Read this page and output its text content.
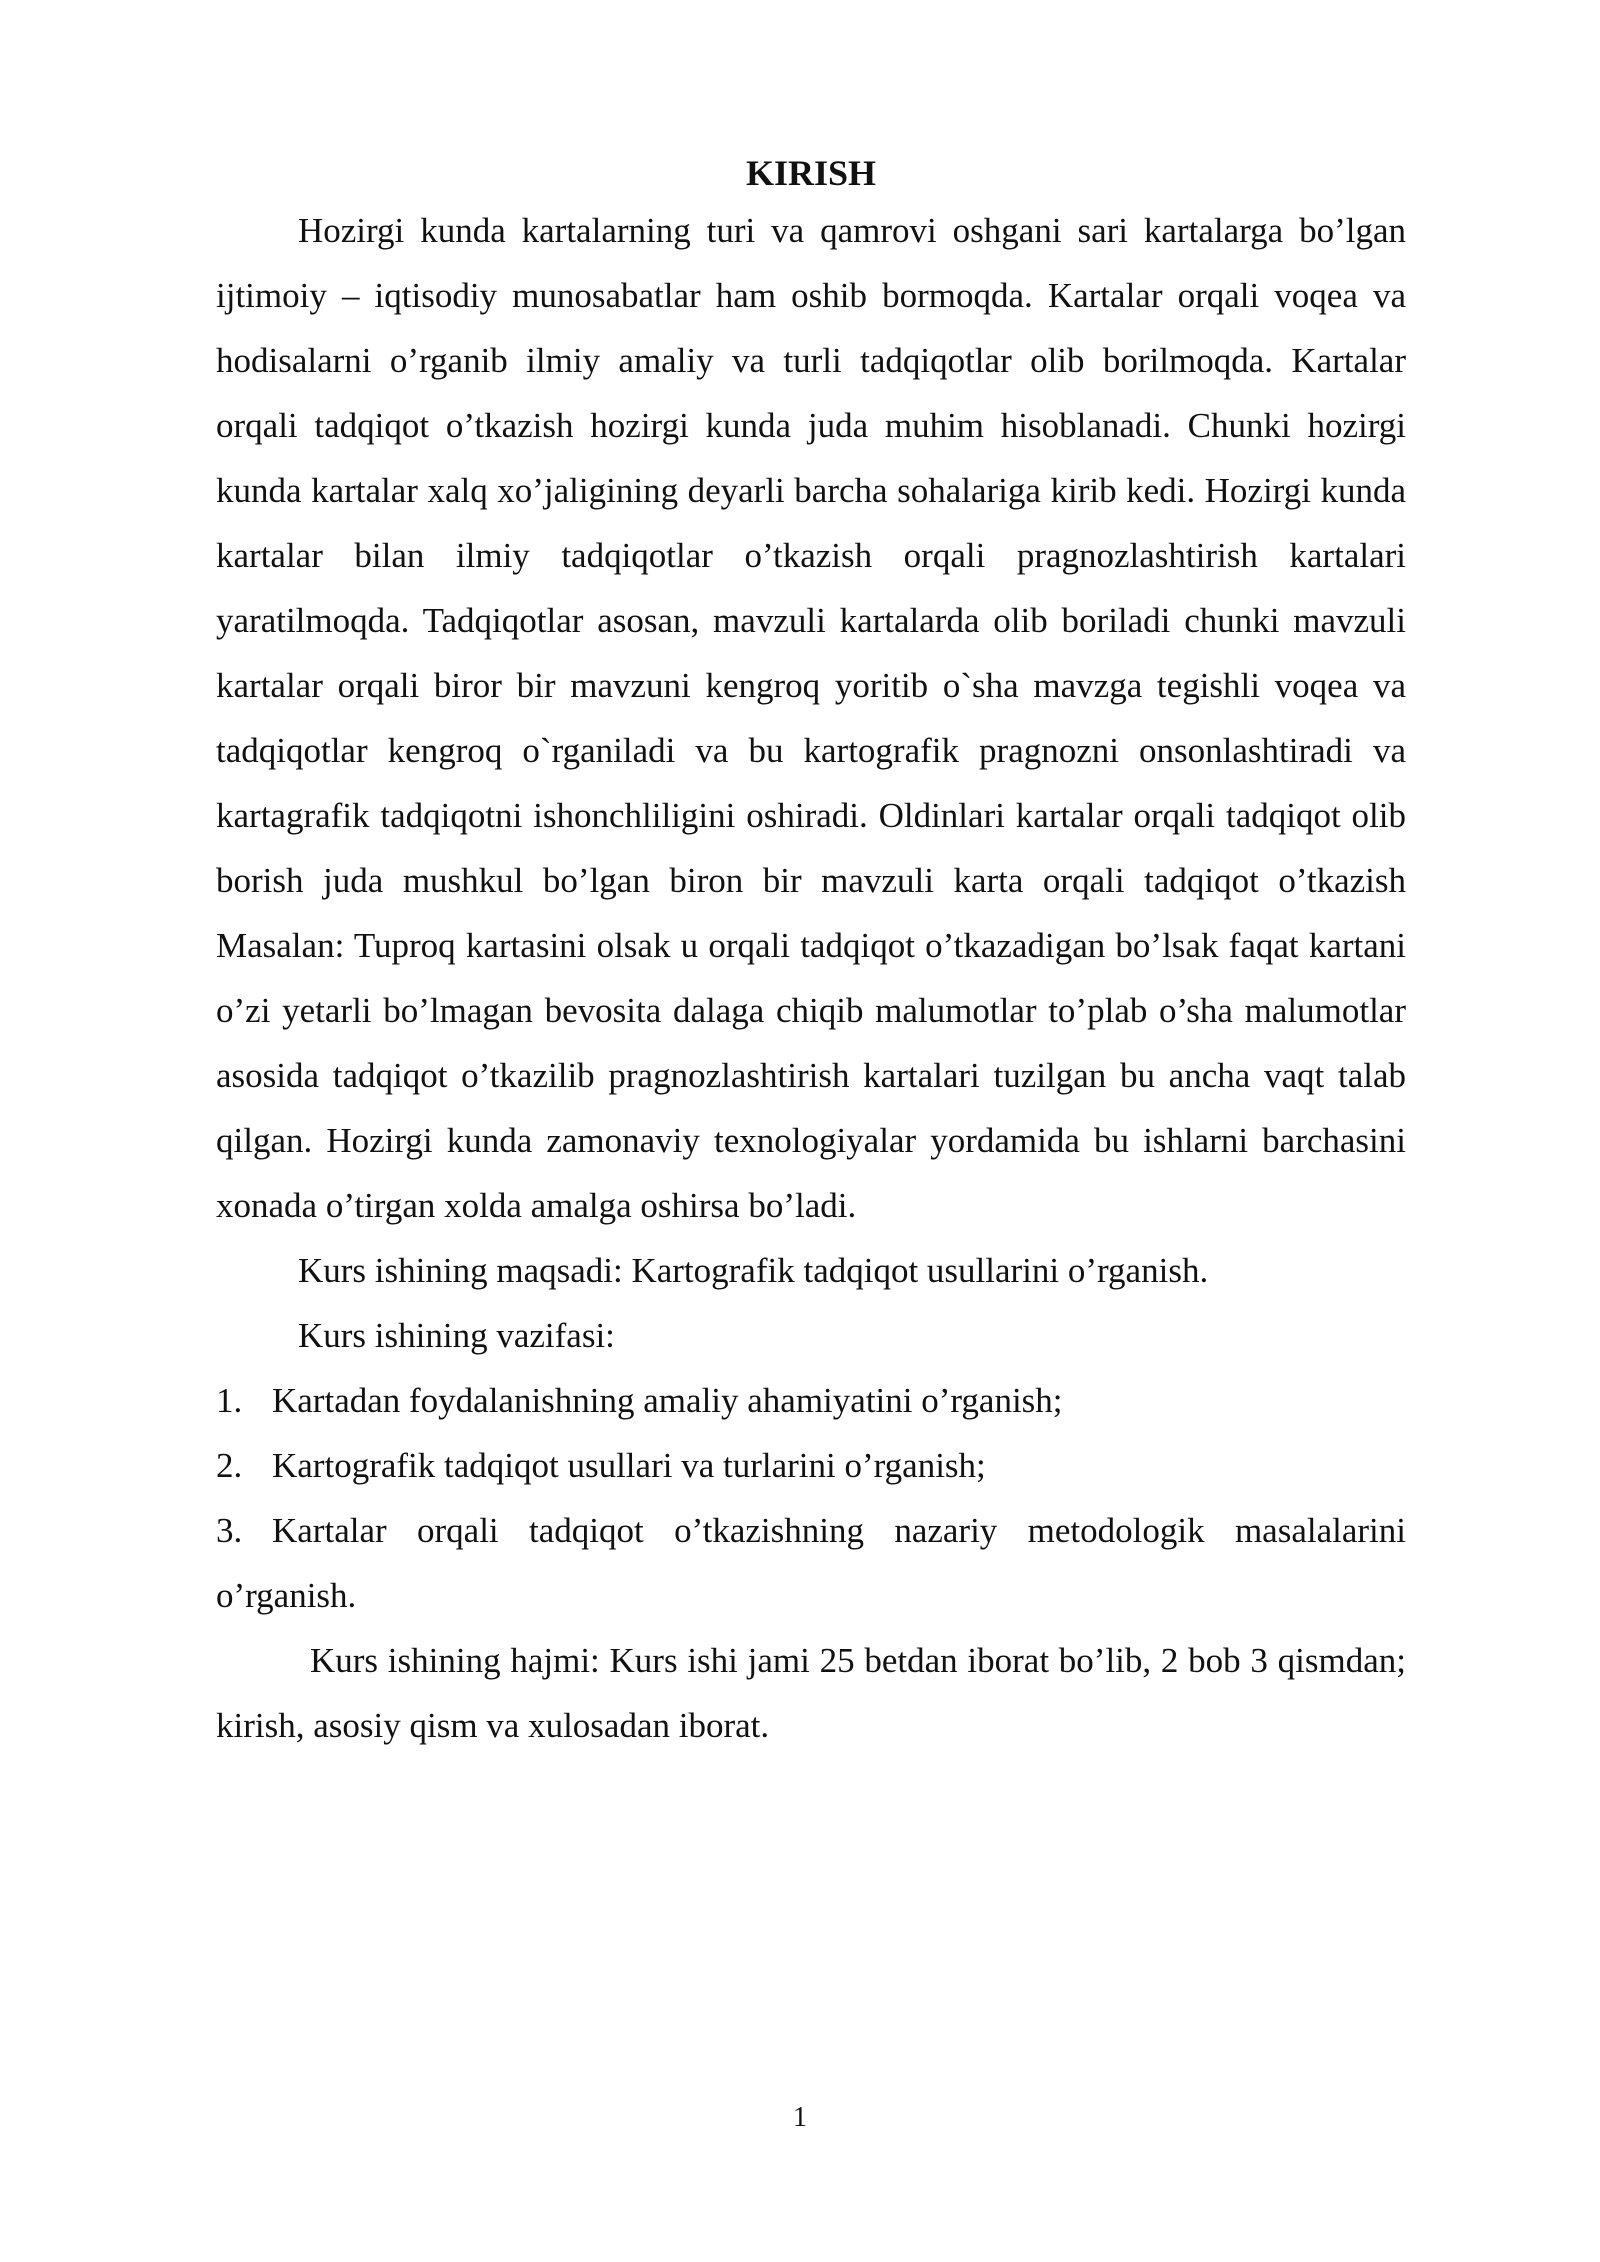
KIRISH

Hozirgi kunda kartalarning turi va qamrovi oshgani sari kartalarga bo’lgan ijtimoiy – iqtisodiy munosabatlar ham oshib bormoqda. Kartalar orqali voqea va hodisalarni o’rganib ilmiy amaliy va turli tadqiqotlar olib borilmoqda. Kartalar orqali tadqiqot o’tkazish hozirgi kunda juda muhim hisoblanadi. Chunki hozirgi kunda kartalar xalq xo’jaligining deyarli barcha sohalariga kirib kedi. Hozirgi kunda kartalar bilan ilmiy tadqiqotlar o’tkazish orqali pragnozlashtirish kartalari yaratilmoqda. Tadqiqotlar asosan, mavzuli kartalarda olib boriladi chunki mavzuli kartalar orqali biror bir mavzuni kengroq yoritib o`sha mavzga tegishli voqea va tadqiqotlar kengroq o`rganiladi va bu kartografik pragnozni onsonlashtiradi va kartagrafik tadqiqotni ishonchliligini oshiradi. Oldinlari kartalar orqali tadqiqot olib borish juda mushkul bo’lgan biron bir mavzuli karta orqali tadqiqot o’tkazish Masalan: Tuproq kartasini olsak u orqali tadqiqot o’tkazadigan bo’lsak faqat kartani o’zi yetarli bo’lmagan bevosita dalaga chiqib malumotlar to’plab o’sha malumotlar asosida tadqiqot o’tkazilib pragnozlashtirish kartalari tuzilgan bu ancha vaqt talab qilgan. Hozirgi kunda zamonaviy texnologiyalar yordamida bu ishlarni barchasini xonada o’tirgan xolda amalga oshirsa bo’ladi.

Kurs ishining maqsadi: Kartografik tadqiqot usullarini o’rganish.

Kurs ishining vazifasi:

1. Kartadan foydalanishning amaliy ahamiyatini o’rganish;
2. Kartografik tadqiqot usullari va turlarini o’rganish;
3. Kartalar orqali tadqiqot o’tkazishning nazariy metodologik masalalarini o’rganish.

Kurs ishining hajmi: Kurs ishi jami 25 betdan iborat bo’lib, 2 bob 3 qismdan; kirish, asosiy qism va xulosadan iborat.

1
